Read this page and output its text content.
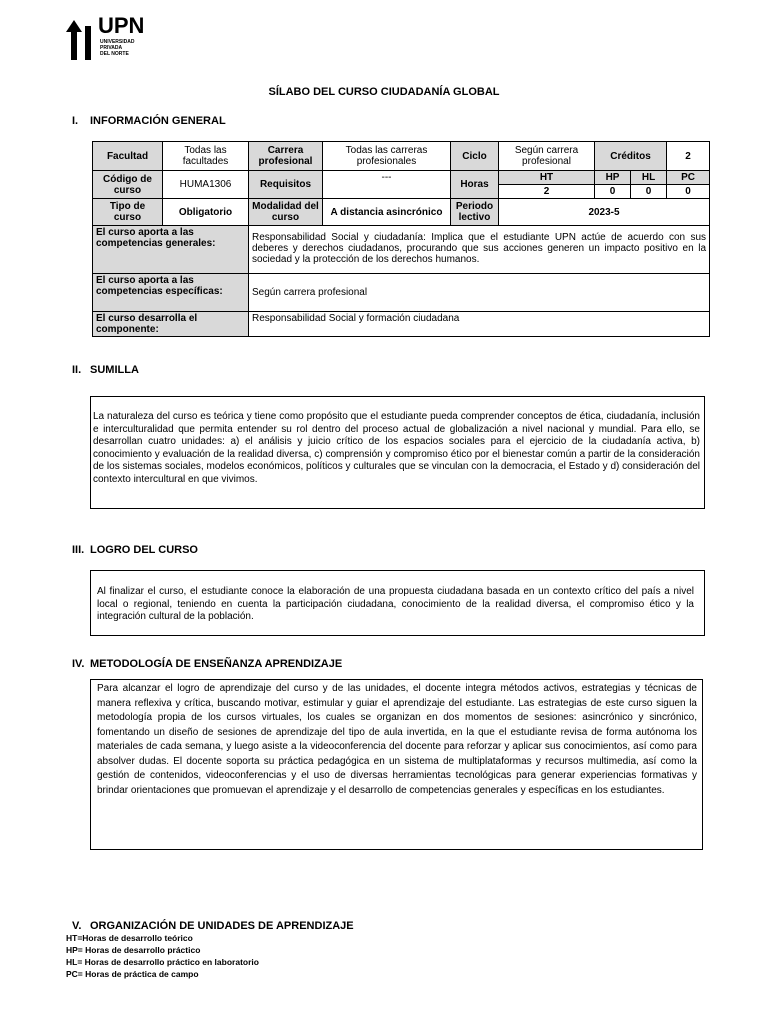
UPN
UNIVERSIDAD
PRIVADA
DEL NORTE
SÍLABO DEL CURSO CIUDADANÍA GLOBAL
I. INFORMACIÓN GENERAL
Facultad	Todas las facultades	Carrera profesional	Todas las carreras profesionales	Ciclo	Según carrera profesional	Créditos		2
Código de curso	HUMA1306	Requisitos	---	Horas	HT	HP	HL	PC
					2	0	0	0
Tipo de curso	Obligatorio	Modalidad del curso	A distancia asincrónico	Periodo lectivo	2023-5			
El curso aporta a las competencias generales:		Responsabilidad Social y ciudadanía: Implica que el estudiante UPN actúe de acuerdo con sus deberes y derechos ciudadanos, procurando que sus acciones generen un impacto positivo en la sociedad y la protección de los derechos humanos.						
El curso aporta a las competencias específicas:		Según carrera profesional						
El curso desarrolla el componente:		Responsabilidad Social y formación ciudadana						
II. SUMILLA
La naturaleza del curso es teórica y tiene como propósito que el estudiante pueda comprender conceptos de ética, ciudadanía, inclusión e interculturalidad que permita entender su rol dentro del proceso actual de globalización a nivel nacional y mundial. Para ello, se desarrollan cuatro unidades: a) el análisis y juicio crítico de los espacios sociales para el ejercicio de la ciudadanía activa, b) conocimiento y evaluación de la realidad diversa, c) comprensión y compromiso ético por el bienestar común a partir de la consideración de los sistemas sociales, modelos económicos, políticos y culturales que se vinculan con la democracia, el Estado y d) consideración del contexto intercultural en que vivimos.
III. LOGRO DEL CURSO
Al finalizar el curso, el estudiante conoce la elaboración de una propuesta ciudadana basada en un contexto crítico del país a nivel local o regional, teniendo en cuenta la participación ciudadana, conocimiento de la realidad diversa, el compromiso ético y la integración cultural de la población.
IV. METODOLOGÍA DE ENSEÑANZA APRENDIZAJE
Para alcanzar el logro de aprendizaje del curso y de las unidades, el docente integra métodos activos, estrategias y técnicas de manera reflexiva y crítica, buscando motivar, estimular y guiar el aprendizaje del estudiante. Las estrategias de este curso siguen la metodología propia de los cursos virtuales, los cuales se organizan en dos momentos de sesiones: asincrónico y sincrónico, fomentando un diseño de sesiones de aprendizaje del tipo de aula invertida, en la que el estudiante revisa de forma autónoma los materiales de cada semana, y luego asiste a la videoconferencia del docente para reforzar y aplicar sus conocimientos, así como para absolver dudas. El docente soporta su práctica pedagógica en un sistema de multiplataformas y recursos multimedia, así como la gestión de contenidos, videoconferencias y el uso de diversas herramientas tecnológicas para generar experiencias formativas y brindar orientaciones que promuevan el aprendizaje y el desarrollo de competencias generales y específicas en los estudiantes.
V. ORGANIZACIÓN DE UNIDADES DE APRENDIZAJE
HT=Horas de desarrollo teórico
HP= Horas de desarrollo práctico
HL= Horas de desarrollo práctico en laboratorio
PC= Horas de práctica de campo
